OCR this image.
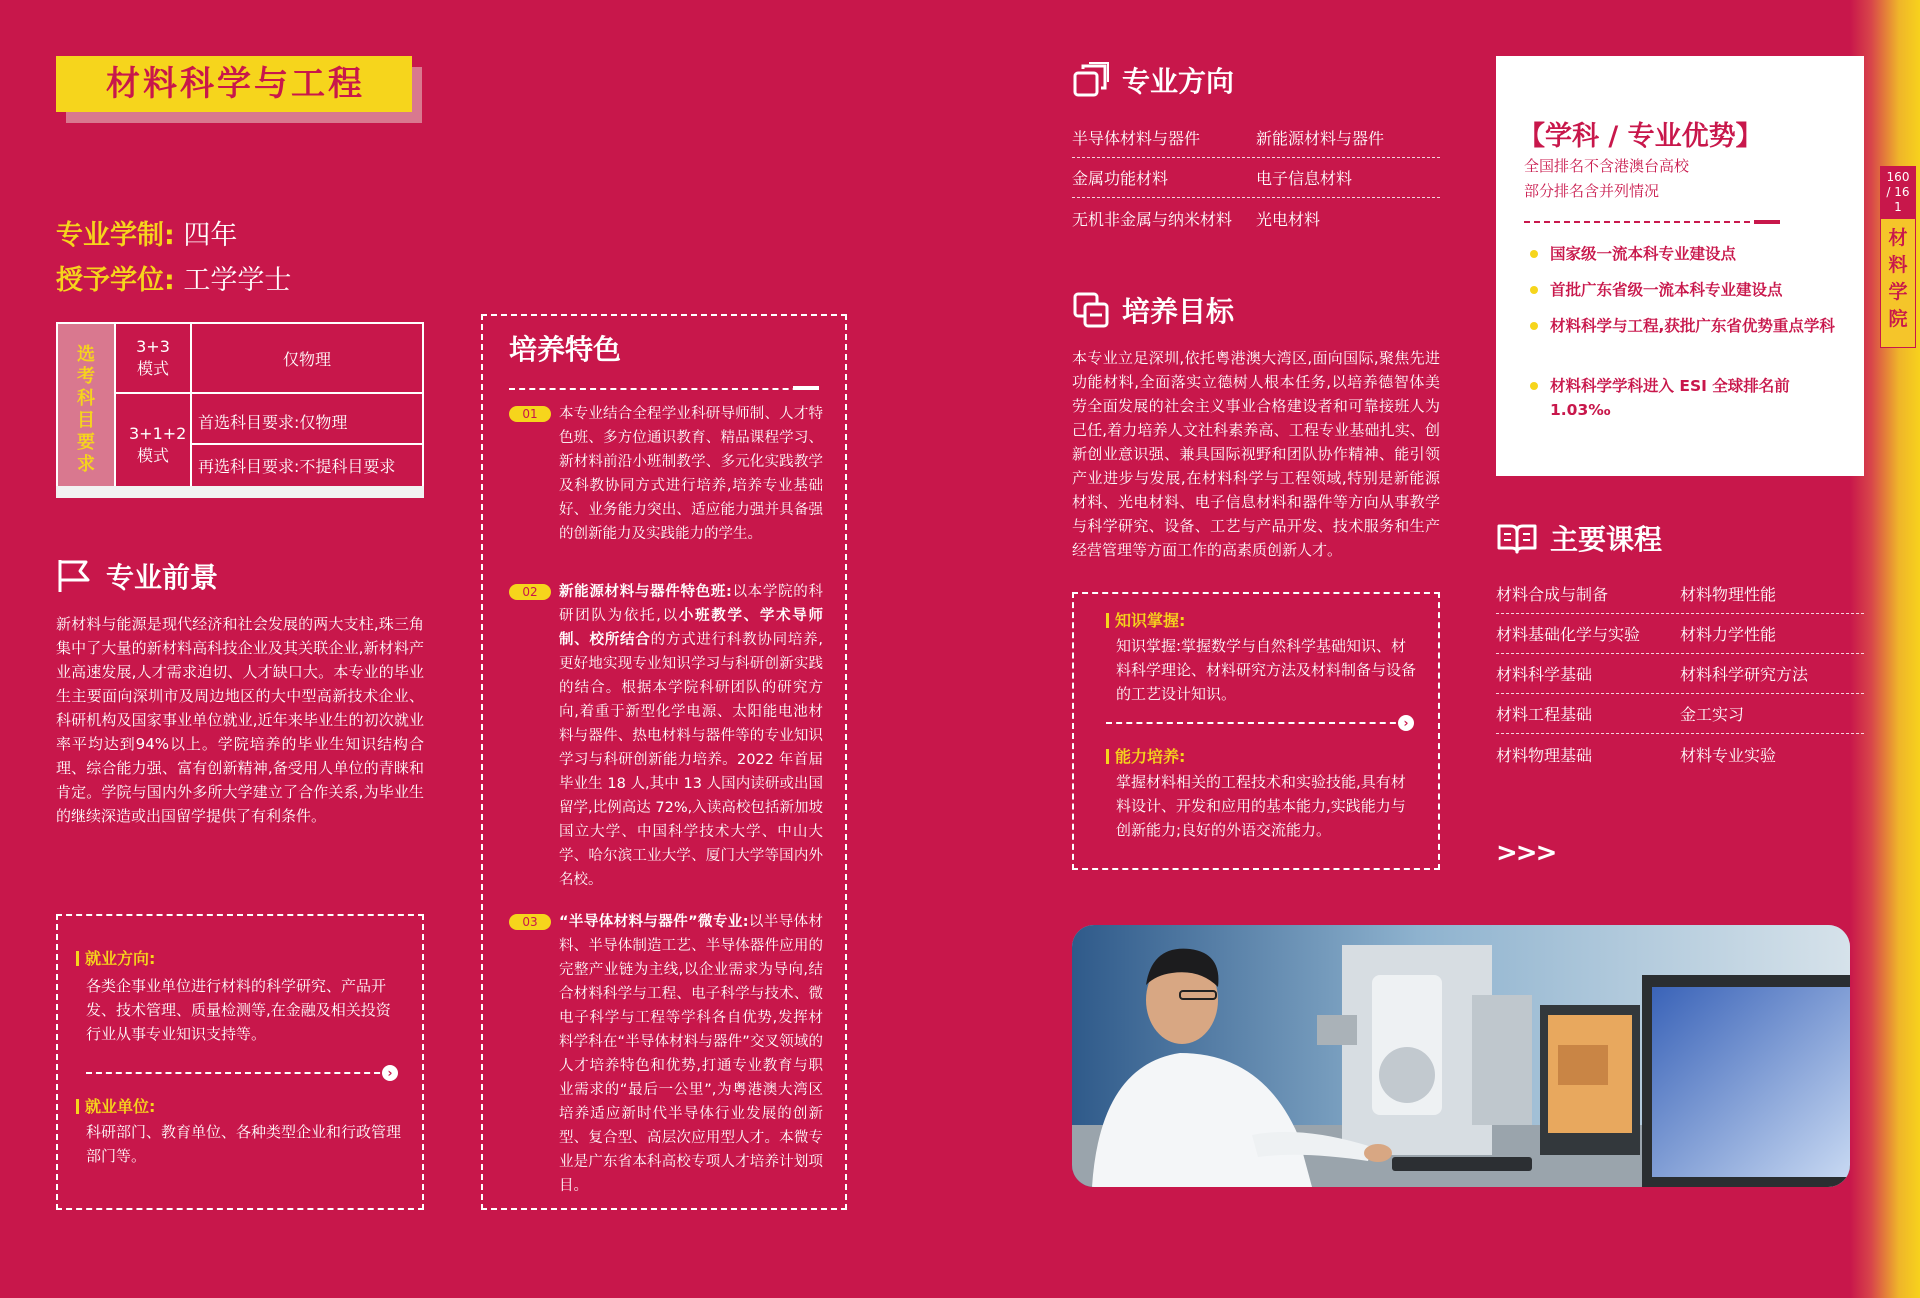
材料科学与工程
专业学制: 四年
授予学位: 工学学士
选考科目要求	3+3 模式	仅物理

	3+1+2 模式	首选科目要求:仅物理
再选科目要求:不提科目要求
专业前景
新材料与能源是现代经济和社会发展的两大支柱,珠三角集中了大量的新材料高科技企业及其关联企业,新材料产业高速发展,人才需求迫切、人才缺口大。本专业的毕业生主要面向深圳市及周边地区的大中型高新技术企业、科研机构及国家事业单位就业,近年来毕业生的初次就业率平均达到94%以上。学院培养的毕业生知识结构合理、综合能力强、富有创新精神,备受用人单位的青睐和肯定。学院与国内外多所大学建立了合作关系,为毕业生的继续深造或出国留学提供了有利条件。
就业方向:
各类企事业单位进行材料的科学研究、产品开发、技术管理、质量检测等,在金融及相关投资行业从事专业知识支持等。
›
就业单位:
科研部门、教育单位、各种类型企业和行政管理部门等。
培养特色
01	本专业结合全程学业科研导师制、人才特色班、多方位通识教育、精品课程学习、新材料前沿小班制教学、多元化实践教学及科教协同方式进行培养,培养专业基础好、业务能力突出、适应能力强并具备强的创新能力及实践能力的学生。
02	新能源材料与器件特色班:以本学院的科研团队为依托,以小班教学、学术导师制、校所结合的方式进行科教协同培养,更好地实现专业知识学习与科研创新实践的结合。根据本学院科研团队的研究方向,着重于新型化学电源、太阳能电池材料与器件、热电材料与器件等的专业知识学习与科研创新能力培养。2022 年首届毕业生 18 人,其中 13 人国内读研或出国留学,比例高达 72%,入读高校包括新加坡国立大学、中国科学技术大学、中山大学、哈尔滨工业大学、厦门大学等国内外名校。
03	“半导体材料与器件”微专业:以半导体材料、半导体制造工艺、半导体器件应用的完整产业链为主线,以企业需求为导向,结合材料科学与工程、电子科学与技术、微电子科学与工程等学科各自优势,发挥材料学科在“半导体材料与器件”交叉领域的人才培养特色和优势,打通专业教育与职业需求的“最后一公里”,为粤港澳大湾区培养适应新时代半导体行业发展的创新型、复合型、高层次应用型人才。本微专业是广东省本科高校专项人才培养计划项目。
专业方向
半导体材料与器件	新能源材料与器件
金属功能材料	电子信息材料
无机非金属与纳米材料	光电材料
培养目标
本专业立足深圳,依托粤港澳大湾区,面向国际,聚焦先进功能材料,全面落实立德树人根本任务,以培养德智体美劳全面发展的社会主义事业合格建设者和可靠接班人为己任,着力培养人文社科素养高、工程专业基础扎实、创新创业意识强、兼具国际视野和团队协作精神、能引领产业进步与发展,在材料科学与工程领域,特别是新能源材料、光电材料、电子信息材料和器件等方向从事教学与科学研究、设备、工艺与产品开发、技术服务和生产经营管理等方面工作的高素质创新人才。
知识掌握:
知识掌握:掌握数学与自然科学基础知识、材料科学理论、材料研究方法及材料制备与设备的工艺设计知识。
›
能力培养:
掌握材料相关的工程技术和实验技能,具有材料设计、开发和应用的基本能力,实践能力与创新能力;良好的外语交流能力。
【学科 / 专业优势】
全国排名不含港澳台高校
部分排名含并列情况
国家级一流本科专业建设点
首批广东省级一流本科专业建设点
材料科学与工程,获批广东省优势重点学科
材料科学学科进入 ESI 全球排名前 1.03‰
主要课程
材料合成与制备	材料物理性能
材料基础化学与实验	材料力学性能
材料科学基础	材料科学研究方法
材料工程基础	金工实习
材料物理基础	材料专业实验
>>>
160 / 161
材料学院
